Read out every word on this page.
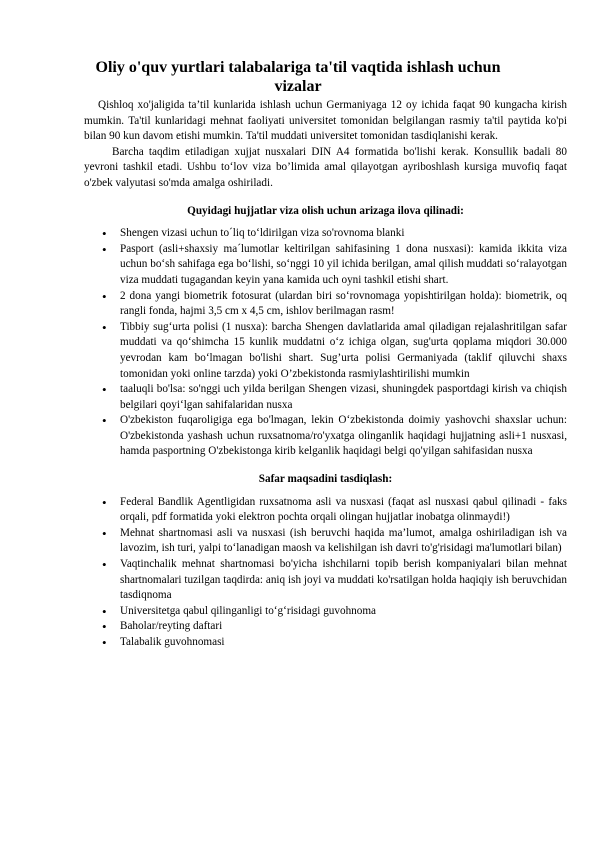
Oliy o'quv yurtlari talabalariga ta'til vaqtida ishlash uchun
vizalar

Qishloq xo'jaligida ta’til kunlarida ishlash uchun Germaniyaga 12 oy ichida faqat 90 kungacha kirish mumkin. Ta'til kunlaridagi mehnat faoliyati universitet tomonidan belgilangan rasmiy ta'til paytida ko'pi bilan 90 kun davom etishi mumkin. Ta'til muddati universitet tomonidan tasdiqlanishi kerak.

Barcha taqdim etiladigan xujjat nusxalari DIN A4 formatida bo'lishi kerak. Konsullik badali 80 yevroni tashkil etadi. Ushbu to‘lov viza bo’limida amal qilayotgan ayriboshlash kursiga muvofiq faqat o'zbek valyutasi so'mda amalga oshiriladi.

Quyidagi hujjatlar viza olish uchun arizaga ilova qilinadi:
• Shengen vizasi uchun to´liq to‘ldirilgan viza so'rovnoma blanki
• Pasport (asli+shaxsiy ma´lumotlar keltirilgan sahifasining 1 dona nusxasi): kamida ikkita viza uchun bo‘sh sahifaga ega bo‘lishi, so‘nggi 10 yil ichida berilgan, amal qilish muddati so‘ralayotgan viza muddati tugagandan keyin yana kamida uch oyni tashkil etishi shart.
• 2 dona yangi biometrik fotosurat (ulardan biri so‘rovnomaga yopishtirilgan holda): biometrik, oq rangli fonda, hajmi 3,5 cm x 4,5 cm, ishlov berilmagan rasm!
• Tibbiy sug‘urta polisi (1 nusxa): barcha Shengen davlatlarida amal qiladigan rejalashritilgan safar muddati va qo‘shimcha 15 kunlik muddatni o‘z ichiga olgan, sug'urta qoplama miqdori 30.000 yevrodan kam bo‘lmagan bo'lishi shart. Sug’urta polisi Germaniyada (taklif qiluvchi shaxs tomonidan yoki online tarzda) yoki O’zbekistonda rasmiylashtirilishi mumkin
• taaluqli bo'lsa: so'nggi uch yilda berilgan Shengen vizasi, shuningdek pasportdagi kirish va chiqish belgilari qoyi‘lgan sahifalaridan nusxa
• O'zbekiston fuqaroligiga ega bo'lmagan, lekin O‘zbekistonda doimiy yashovchi shaxslar uchun: O'zbekistonda yashash uchun ruxsatnoma/ro'yxatga olinganlik haqidagi hujjatning asli+1 nusxasi, hamda pasportning O'zbekistonga kirib kelganlik haqidagi belgi qo'yilgan sahifasidan nusxa
Safar maqsadini tasdiqlash:
• Federal Bandlik Agentligidan ruxsatnoma asli va nusxasi (faqat asl nusxasi qabul qilinadi - faks orqali, pdf formatida yoki elektron pochta orqali olingan hujjatlar inobatga olinmaydi!)
• Mehnat shartnomasi asli va nusxasi (ish beruvchi haqida ma’lumot, amalga oshiriladigan ish va lavozim, ish turi, yalpi to‘lanadigan maosh va kelishilgan ish davri to'g'risidagi ma'lumotlari bilan)
• Vaqtinchalik mehnat shartnomasi bo'yicha ishchilarni topib berish kompaniyalari bilan mehnat shartnomalari tuzilgan taqdirda: aniq ish joyi va muddati ko'rsatilgan holda haqiqiy ish beruvchidan tasdiqnoma
• Universitetga qabul qilinganligi to‘g‘risidagi guvohnoma
• Baholar/reyting daftari
• Talabalik guvohnomasi
